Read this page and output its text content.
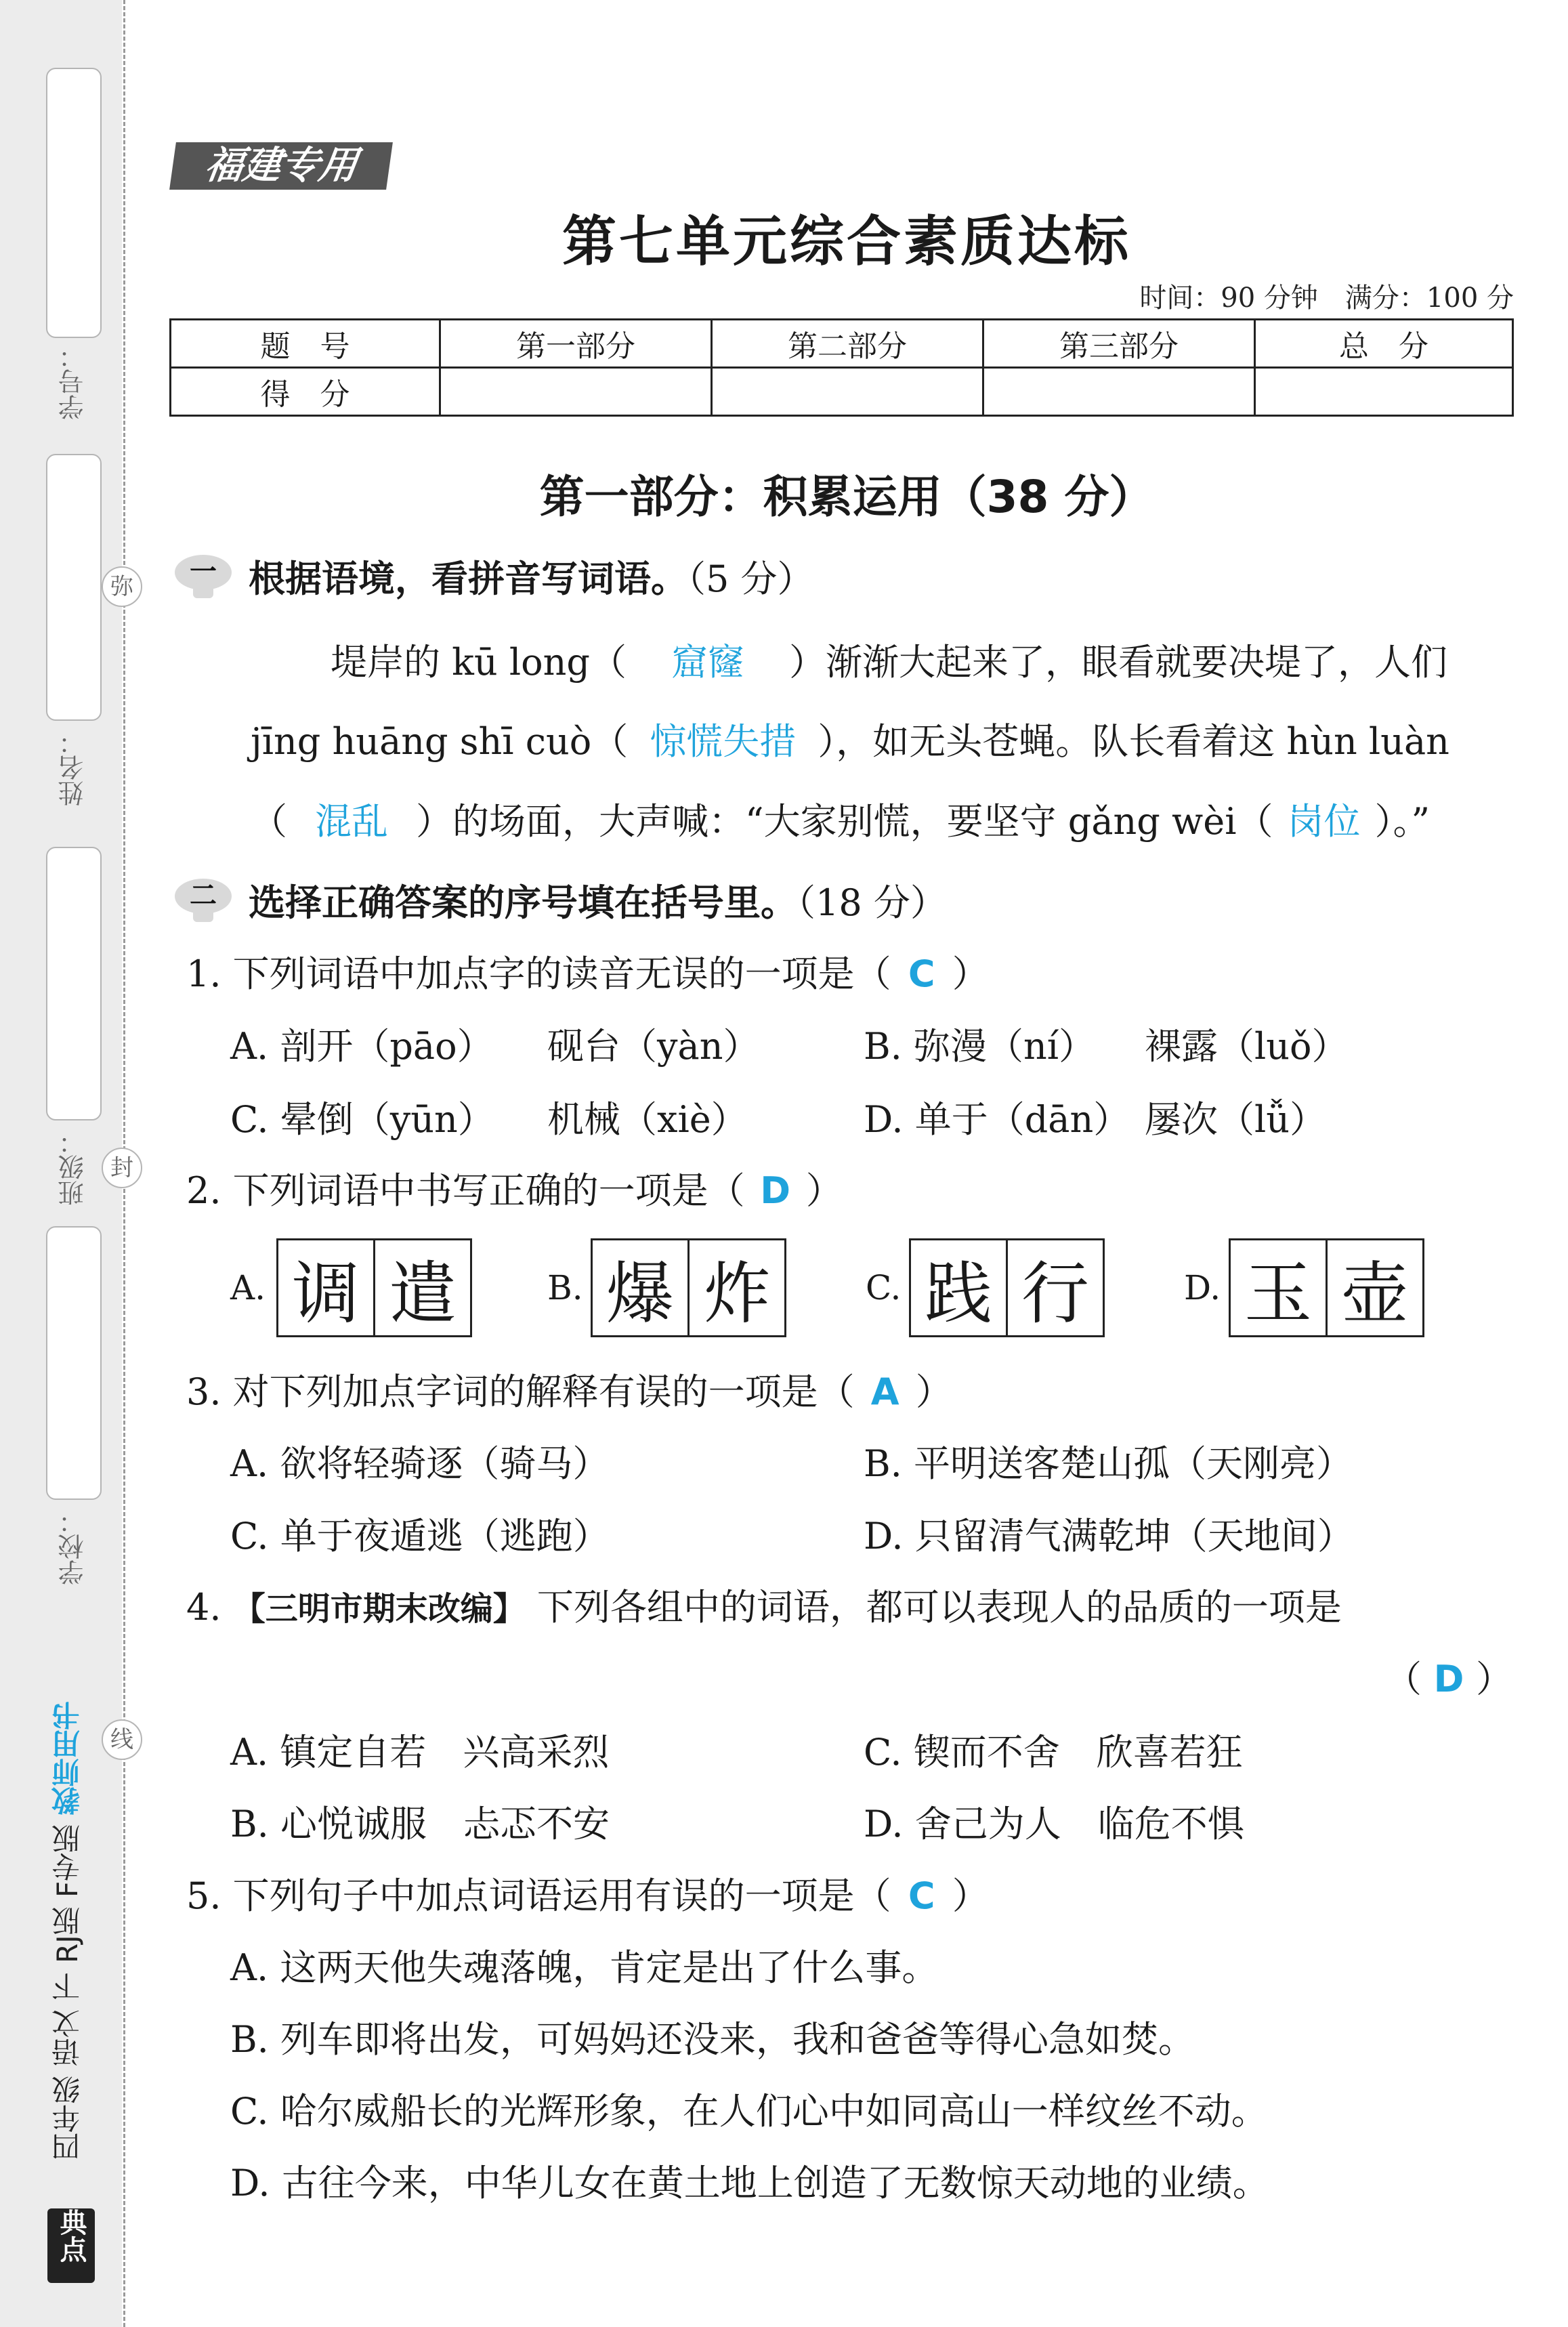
学号：
姓名：
班级：
学校：
弥
封
线
四年级 语文 下 RJ版 F专版 教师用书
典点
福建专用
第七单元综合素质达标
时间：90 分钟　满分：100 分
题　号	第一部分	第二部分	第三部分	总　分
得　分				
第一部分：积累运用（38 分）
一 根据语境，看拼音写词语。（5 分）
堤岸的 kū long（ 窟窿 ）渐渐大起来了，眼看就要决堤了，人们
jīng huāng shī cuò（ 惊慌失措 ），如无头苍蝇。队长看着这 hùn luàn
（ 混乱 ）的场面，大声喊：“大家别慌，要坚守 gǎng wèi（ 岗位 ）。”
二 选择正确答案的序号填在括号里。（18 分）
1. 下列词语中加点字的读音无误的一项是（ C ）
A. 剖开（pāo） 砚台（yàn）	B. 弥漫（ní） 裸露（luǒ）
C. 晕倒（yūn） 机械（xiè）	D. 单于（dān） 屡次（lǚ）
2. 下列词语中书写正确的一项是（ D ）
A. 调 遣	B. 爆 炸	C. 践 行	D. 玉 壶
3. 对下列加点字词的解释有误的一项是（ A ）
A. 欲将轻骑逐（骑马）	B. 平明送客楚山孤（天刚亮）
C. 单于夜遁逃（逃跑）	D. 只留清气满乾坤（天地间）
4. 【三明市期末改编】 下列各组中的词语，都可以表现人的品质的一项是
（ D ）
A. 镇定自若　兴高采烈	C. 锲而不舍　欣喜若狂
B. 心悦诚服　忐忑不安	D. 舍己为人　临危不惧
5. 下列句子中加点词语运用有误的一项是（ C ）
A. 这两天他失魂落魄，肯定是出了什么事。
B. 列车即将出发，可妈妈还没来，我和爸爸等得心急如焚。
C. 哈尔威船长的光辉形象，在人们心中如同高山一样纹丝不动。
D. 古往今来，中华儿女在黄土地上创造了无数惊天动地的业绩。
